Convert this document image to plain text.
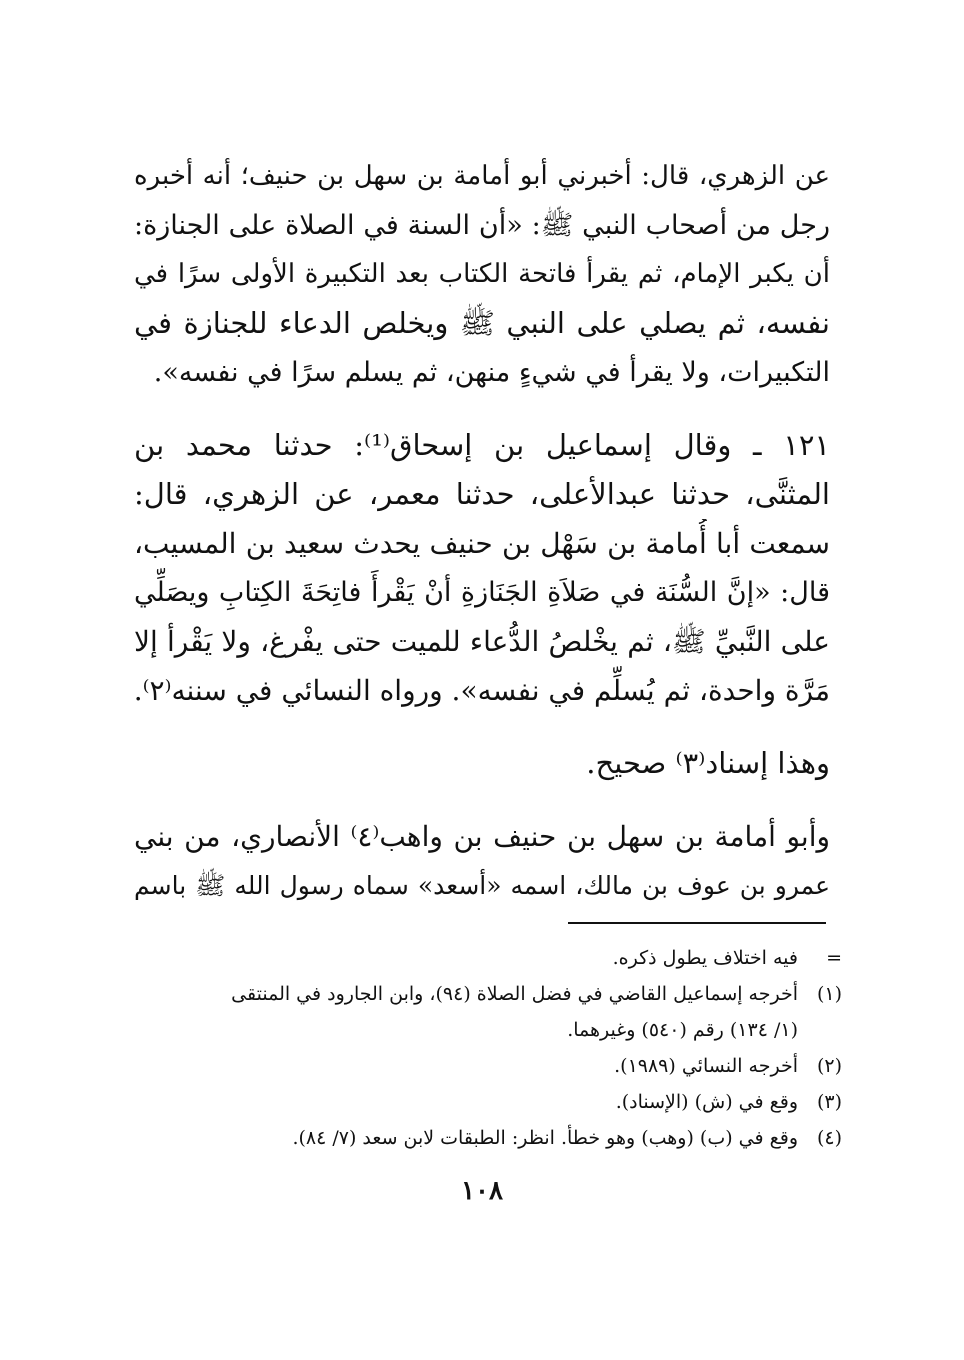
عن الزهري، قال: أخبرني أبو أمامة بن سهل بن حنيف؛ أنه أخبره
رجل من أصحاب النبي ﷺ: «أن السنة في الصلاة على الجنازة:
أن يكبر الإمام، ثم يقرأ فاتحة الكتاب بعد التكبيرة الأولى سرًا في
نفسه، ثم يصلي على النبي ﷺ ويخلص الدعاء للجنازة في
التكبيرات، ولا يقرأ في شيءٍ منهن، ثم يسلم سرًا في نفسه».
١٢١ ـ وقال إسماعيل بن إسحاق⁽¹⁾: حدثنا محمد بن
المثنَّى، حدثنا عبدالأعلى، حدثنا معمر، عن الزهري، قال:
سمعت أبا أُمامة بن سَهْل بن حنيف يحدث سعيد بن المسيب،
قال: «إنَّ السُّنَة في صَلاَةِ الجَنَازةِ أنْ يَقْرأَ فاتِحَةَ الكِتابِ ويصَلِّي
على النَّبيِّ ﷺ، ثم يخْلصُ الدُّعاء للميت حتى يفْرغ، ولا يَقْرأ إلا
مَرَّة واحدة، ثم يُسلِّم في نفسه». ورواه النسائي في سننه⁽٢⁾.
وهذا إسناد⁽٣⁾ صحيح.
وأبو أمامة بن سهل بن حنيف بن واهب⁽٤⁾ الأنصاري، من بني
عمرو بن عوف بن مالك، اسمه «أسعد» سماه رسول الله ﷺ باسم
=
فيه اختلاف يطول ذكره.
(١)
أخرجه إسماعيل القاضي في فضل الصلاة (٩٤)، وابن الجارود في المنتقى
(١/ ١٣٤) رقم (٥٤٠) وغيرهما.
(٢)
أخرجه النسائي (١٩٨٩).
(٣)
وقع في (ش) (الإسناد).
(٤)
وقع في (ب) (وهب) وهو خطأ. انظر: الطبقات لابن سعد (٧/ ٨٤).
١٠٨
